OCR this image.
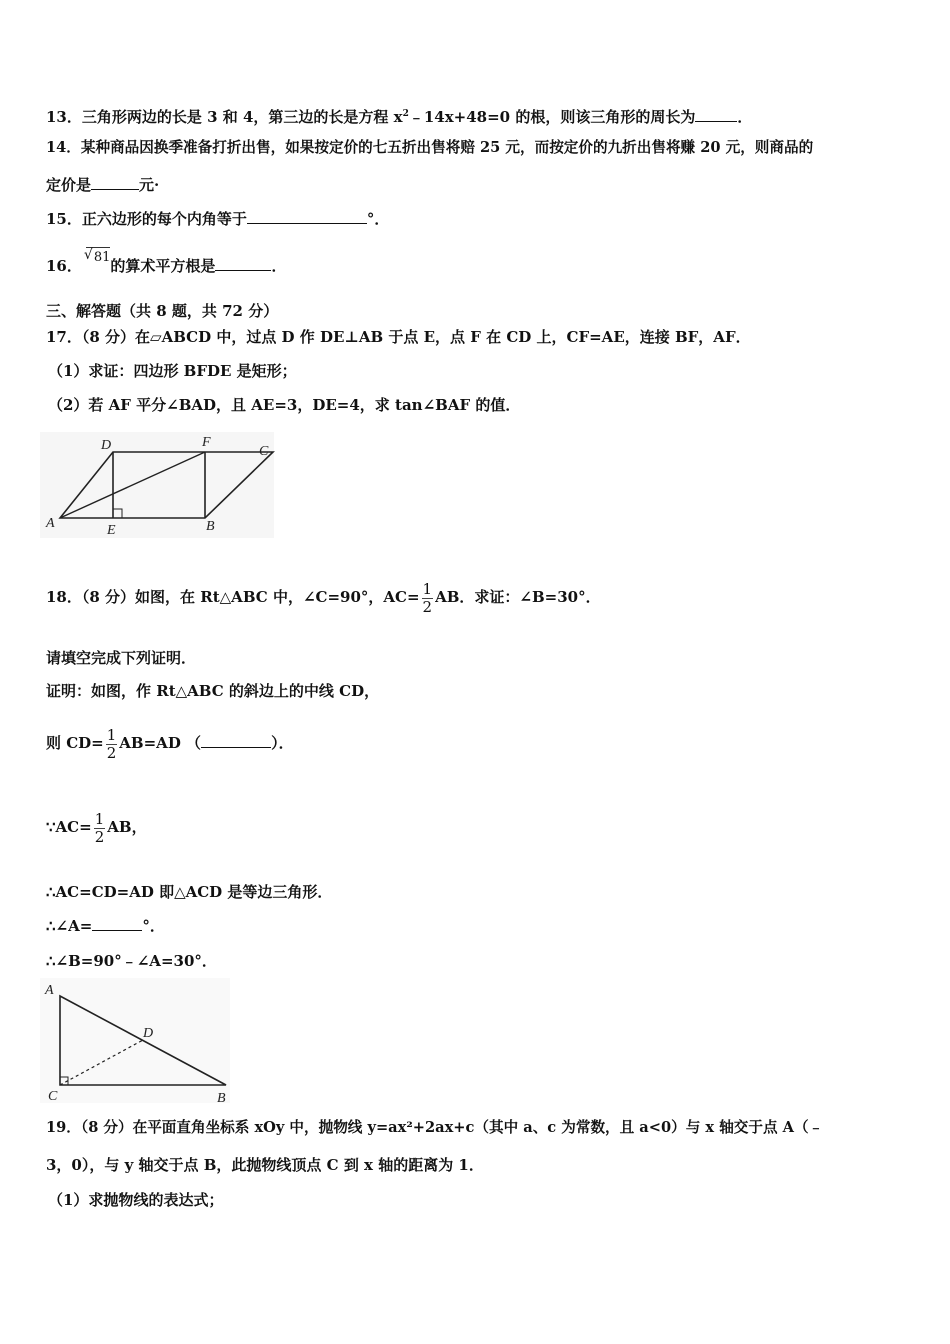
13．三角形两边的长是 3 和 4，第三边的长是方程 $x^2﹣14x+48=0$ 的根，则该三角形的周长为	．
14．某种商品因换季准备打折出售，如果按定价的七五折出售将赔 25 元，而按定价的九折出售将赚 20 元，则商品的
定价是	元·
15．正六边形的每个内角等于	°．
16．√ 81的算术平方根是	．
三、解答题（共 8 题，共 72 分）
17．（8 分）在▱ABCD 中，过点 D 作 DE⊥AB 于点 E，点 F 在 CD 上，CF=AE，连接 BF，AF．
（1）求证：四边形 BFDE 是矩形；
（2）若 AF 平分∠BAD，且 AE=3，DE=4，求 tan∠BAF 的值．
A
D	F
C
E	B
18．（8 分）如图，在 Rt△ABC 中，∠C=90°，$AC= \frac{1}{2}$ AB．求证：∠B=30°．
请填空完成下列证明．
证明：如图，作 Rt△ABC 的斜边上的中线 CD，
则 $CD= \frac{1}{2} AB=AD$ （	）．
∵AC= $\frac{1}{2}$ AB，
∴AC=CD=AD 即△ACD 是等边三角形．
∴∠A=	°．
∴∠B=90°﹣∠A=30°．
A
D
C	B
19．（8 分）在平面直角坐标系 xOy 中，抛物线 y=ax²+2ax+c（其中 a、c 为常数，且 a<0）与 x 轴交于点 A（﹣
3，0），与 y 轴交于点 B，此抛物线顶点 C 到 x 轴的距离为 1．
（1）求抛物线的表达式；
